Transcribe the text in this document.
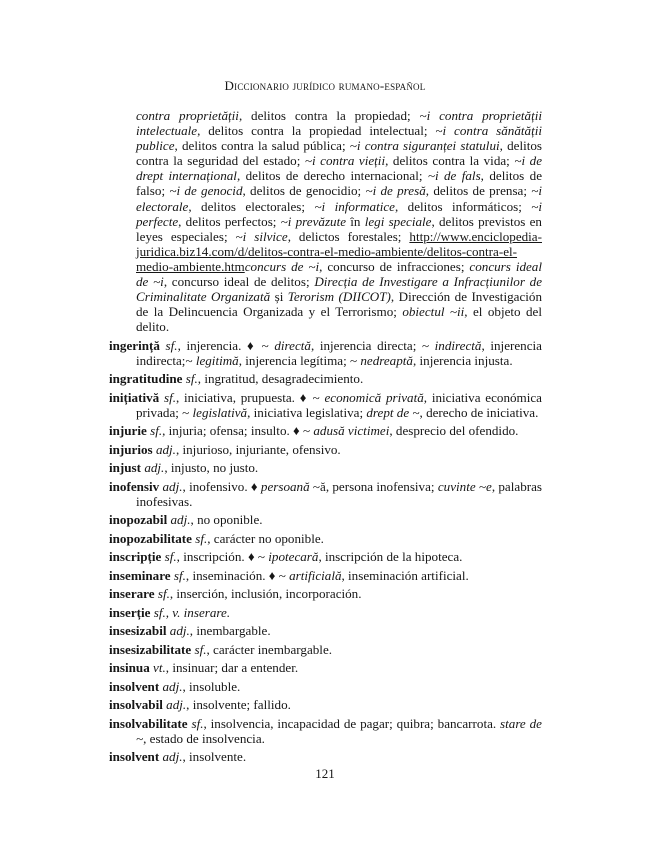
Diccionario jurídico rumano-español
contra proprietății, delitos contra la propiedad; ~i contra proprietății intelectuale, delitos contra la propiedad intelectual; ~i contra sănătății publice, delitos contra la salud pública; ~i contra siguranței statului, delitos contra la seguridad del estado; ~i contra vieții, delitos contra la vida; ~i de drept internațional, delitos de derecho internacional; ~i de fals, delitos de falso; ~i de genocid, delitos de genocidio; ~i de presă, delitos de prensa; ~i electorale, delitos electorales; ~i informatice, delitos informáticos; ~i perfecte, delitos perfectos; ~i prevăzute în legi speciale, delitos previstos en leyes especiales; ~i silvice, delictos forestales; http://www.enciclopedia-juridica.biz14.com/d/delitos-contra-el-medio-ambiente/delitos-contra-el-medio-ambiente.htmconcurs de ~i, concurso de infracciones; concurs ideal de ~i, concurso ideal de delitos; Direcția de Investigare a Infracțiunilor de Criminalitate Organizată și Terorism (DIICOT), Dirección de Investigación de la Delincuencia Organizada y el Terrorismo; obiectul ~ii, el objeto del delito.
ingerință sf., injerencia. ♦ ~ directă, injerencia directa; ~ indirectă, injerencia indirecta;~ legitimă, injerencia legítima; ~ nedreaptă, injerencia injusta.
ingratitudine sf., ingratitud, desagradecimiento.
inițiativă sf., iniciativa, prupuesta. ♦ ~ economică privată, iniciativa económica privada; ~ legislativă, iniciativa legislativa; drept de ~, derecho de iniciativa.
injurie sf., injuria; ofensa; insulto. ♦ ~ adusă victimei, desprecio del ofendido.
injurios adj., injurioso, injuriante, ofensivo.
injust adj., injusto, no justo.
inofensiv adj., inofensivo. ♦ persoană ~ă, persona inofensiva; cuvinte ~e, palabras inofesivas.
inopozabil adj., no oponible.
inopozabilitate sf., carácter no oponible.
inscripție sf., inscripción. ♦ ~ ipotecară, inscripción de la hipoteca.
inseminare sf., inseminación. ♦ ~ artificială, inseminación artificial.
inserare sf., inserción, inclusión, incorporación.
inserție sf., v. inserare.
insesizabil adj., inembargable.
insesizabilitate sf., carácter inembargable.
insinua vt., insinuar; dar a entender.
insolvent adj., insoluble.
insolvabil adj., insolvente; fallido.
insolvabilitate sf., insolvencia, incapacidad de pagar; quibra; bancarrota. stare de ~, estado de insolvencia.
insolvent adj., insolvente.
121
